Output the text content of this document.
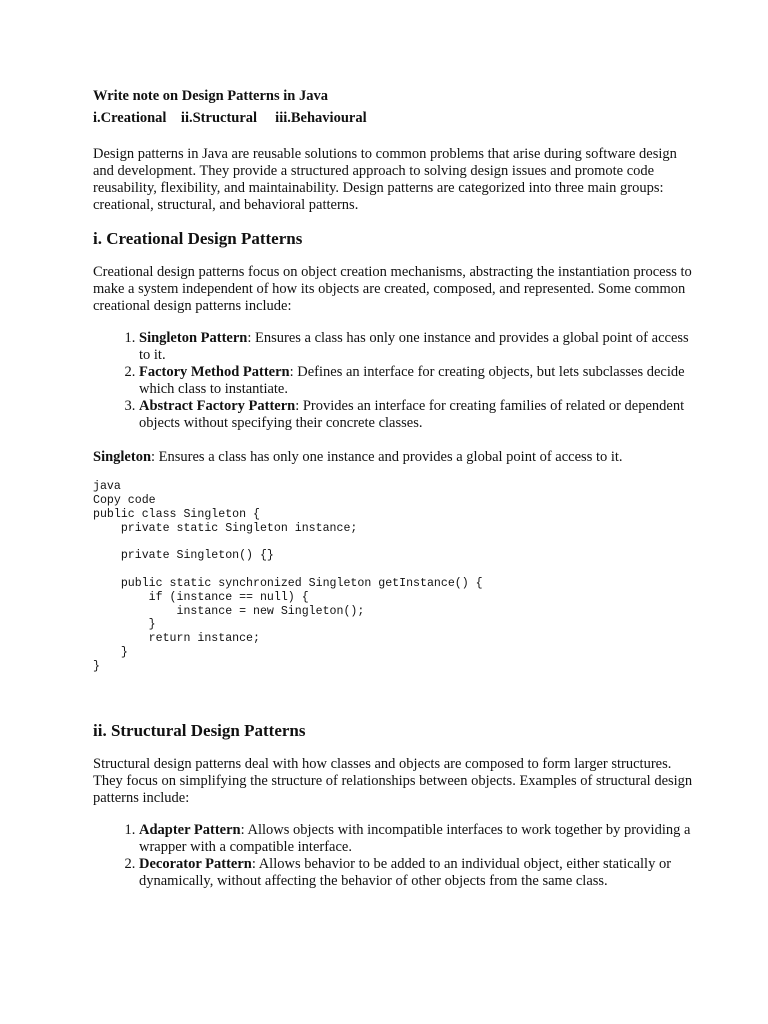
Write note on Design Patterns in Java

i.Creational    ii.Structural     iii.Behavioural

Design patterns in Java are reusable solutions to common problems that arise during software design and development. They provide a structured approach to solving design issues and promote code reusability, flexibility, and maintainability. Design patterns are categorized into three main groups: creational, structural, and behavioral patterns.

i. Creational Design Patterns

Creational design patterns focus on object creation mechanisms, abstracting the instantiation process to make a system independent of how its objects are created, composed, and represented. Some common creational design patterns include:

1. Singleton Pattern: Ensures a class has only one instance and provides a global point of access to it.
2. Factory Method Pattern: Defines an interface for creating objects, but lets subclasses decide which class to instantiate.
3. Abstract Factory Pattern: Provides an interface for creating families of related or dependent objects without specifying their concrete classes.

Singleton: Ensures a class has only one instance and provides a global point of access to it.

java
Copy code
public class Singleton {
private static Singleton instance;

private Singleton() {}

public static synchronized Singleton getInstance() {
if (instance == null) {
instance = new Singleton();
}
return instance;
}
}

ii. Structural Design Patterns

Structural design patterns deal with how classes and objects are composed to form larger structures. They focus on simplifying the structure of relationships between objects. Examples of structural design patterns include:

1. Adapter Pattern: Allows objects with incompatible interfaces to work together by providing a wrapper with a compatible interface.
2. Decorator Pattern: Allows behavior to be added to an individual object, either statically or dynamically, without affecting the behavior of other objects from the same class.
